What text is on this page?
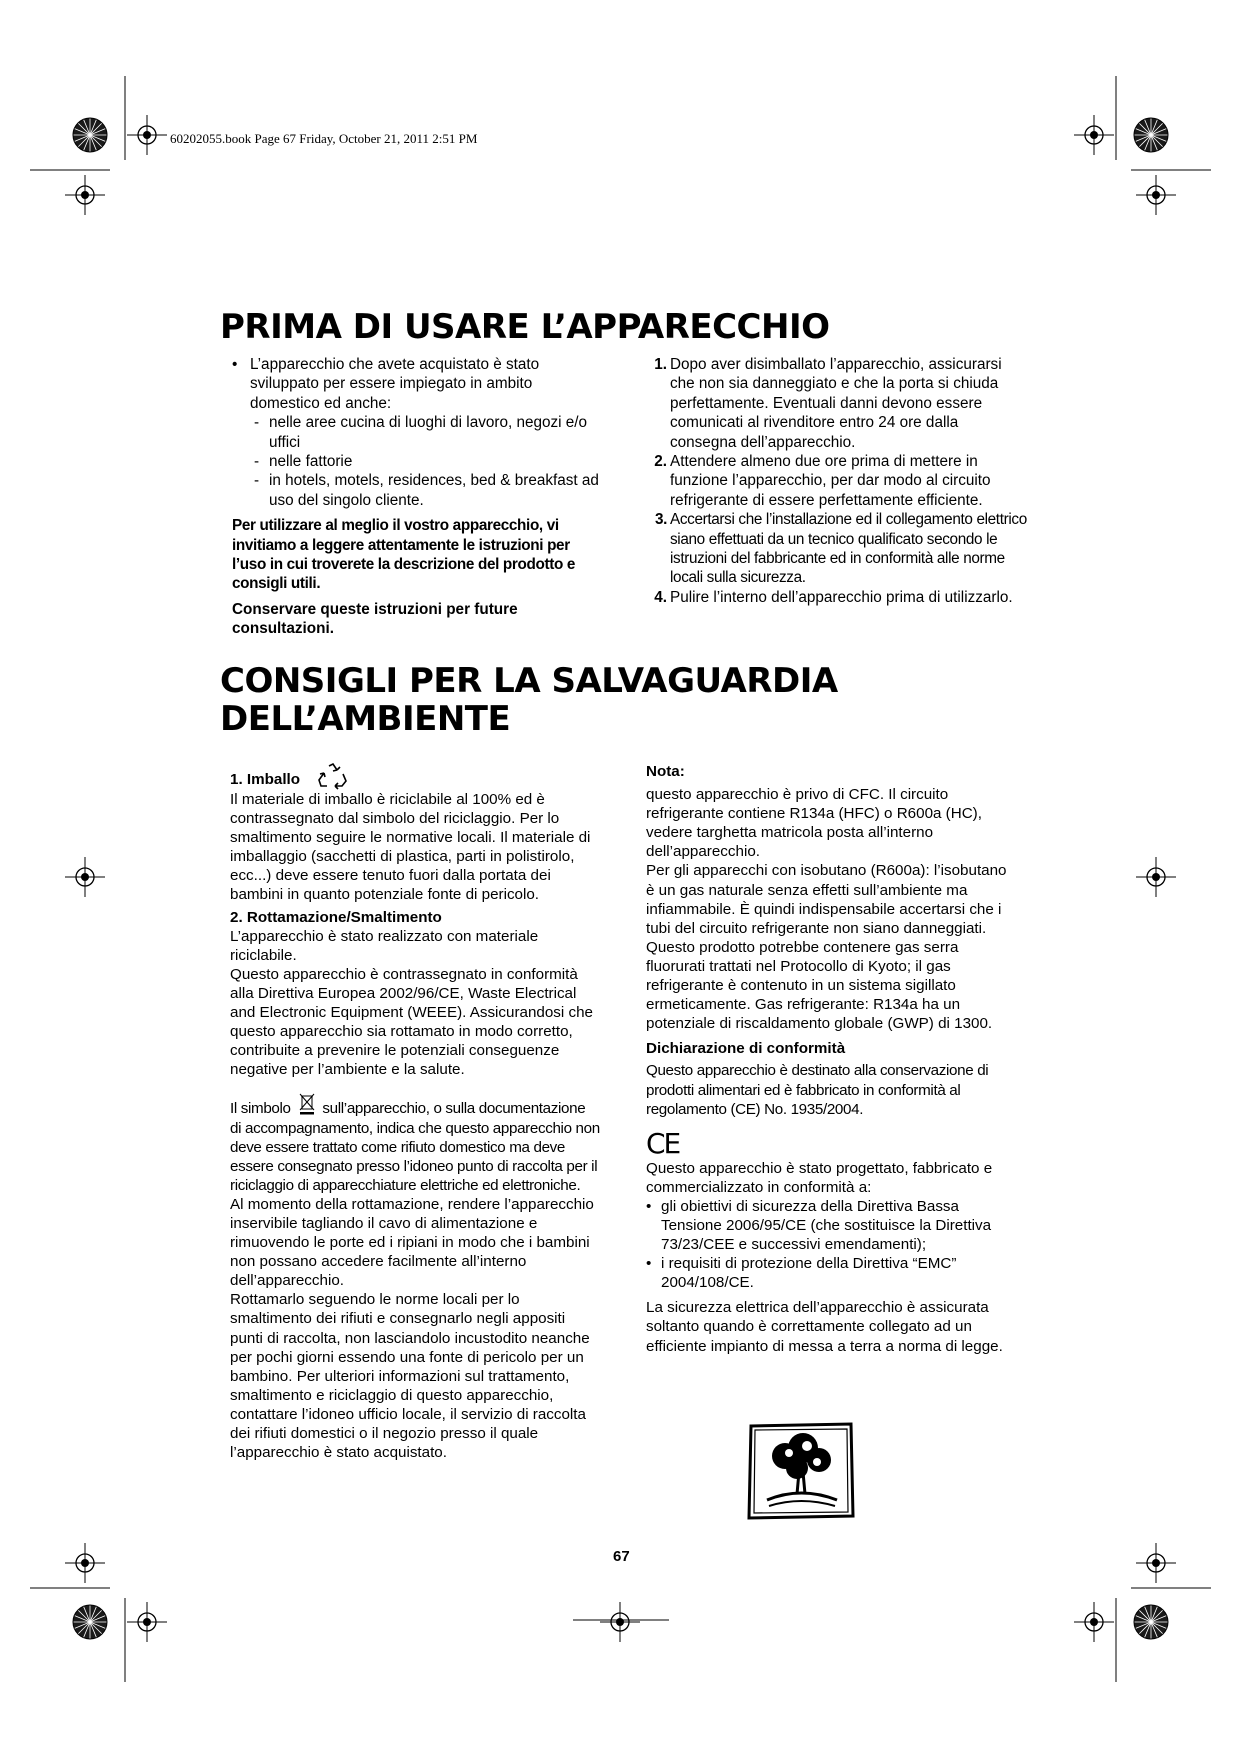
60202055.book Page 67 Friday, October 21, 2011 2:51 PM
PRIMA DI USARE L’APPARECCHIO
• L’apparecchio che avete acquistato è stato sviluppato per essere impiegato in ambito domestico ed anche:
- nelle aree cucina di luoghi di lavoro, negozi e/o uffici
- nelle fattorie
- in hotels, motels, residences, bed & breakfast ad uso del singolo cliente.

Per utilizzare al meglio il vostro apparecchio, vi invitiamo a leggere attentamente le istruzioni per l’uso in cui troverete la descrizione del prodotto e consigli utili.

Conservare queste istruzioni per future consultazioni.

1. Dopo aver disimballato l’apparecchio, assicurarsi che non sia danneggiato e che la porta si chiuda perfettamente. Eventuali danni devono essere comunicati al rivenditore entro 24 ore dalla consegna dell’apparecchio.
2. Attendere almeno due ore prima di mettere in funzione l’apparecchio, per dar modo al circuito refrigerante di essere perfettamente efficiente.
3. Accertarsi che l’installazione ed il collegamento elettrico siano effettuati da un tecnico qualificato secondo le istruzioni del fabbricante ed in conformità alle norme locali sulla sicurezza.
4. Pulire l’interno dell’apparecchio prima di utilizzarlo.
CONSIGLI PER LA SALVAGUARDIA
DELL’AMBIENTE

1. Imballo

Il materiale di imballo è riciclabile al 100% ed è contrassegnato dal simbolo del riciclaggio. Per lo smaltimento seguire le normative locali. Il materiale di imballaggio (sacchetti di plastica, parti in polistirolo, ecc...) deve essere tenuto fuori dalla portata dei bambini in quanto potenziale fonte di pericolo.

2. Rottamazione/Smaltimento

L’apparecchio è stato realizzato con materiale riciclabile.

Questo apparecchio è contrassegnato in conformità alla Direttiva Europea 2002/96/CE, Waste Electrical and Electronic Equipment (WEEE). Assicurandosi che questo apparecchio sia rottamato in modo corretto, contribuite a prevenire le potenziali conseguenze negative per l’ambiente e la salute.

Il simbolo sull’apparecchio, o sulla documentazione di accompagnamento, indica che questo apparecchio non deve essere trattato come rifiuto domestico ma deve essere consegnato presso l’idoneo punto di raccolta per il riciclaggio di apparecchiature elettriche ed elettroniche.

Al momento della rottamazione, rendere l’apparecchio inservibile tagliando il cavo di alimentazione e rimuovendo le porte ed i ripiani in modo che i bambini non possano accedere facilmente all’interno dell’apparecchio.

Rottamarlo seguendo le norme locali per lo smaltimento dei rifiuti e consegnarlo negli appositi punti di raccolta, non lasciandolo incustodito neanche per pochi giorni essendo una fonte di pericolo per un bambino. Per ulteriori informazioni sul trattamento, smaltimento e riciclaggio di questo apparecchio, contattare l’idoneo ufficio locale, il servizio di raccolta dei rifiuti domestici o il negozio presso il quale l’apparecchio è stato acquistato.

Nota:

questo apparecchio è privo di CFC. Il circuito refrigerante contiene R134a (HFC) o R600a (HC), vedere targhetta matricola posta all’interno dell’apparecchio.

Per gli apparecchi con isobutano (R600a): l’isobutano è un gas naturale senza effetti sull’ambiente ma infiammabile. È quindi indispensabile accertarsi che i tubi del circuito refrigerante non siano danneggiati.

Questo prodotto potrebbe contenere gas serra fluorurati trattati nel Protocollo di Kyoto; il gas refrigerante è contenuto in un sistema sigillato ermeticamente. Gas refrigerante: R134a ha un potenziale di riscaldamento globale (GWP) di 1300.

Dichiarazione di conformità

Questo apparecchio è destinato alla conservazione di prodotti alimentari ed è fabbricato in conformità al regolamento (CE) No. 1935/2004.

CE

Questo apparecchio è stato progettato, fabbricato e commercializzato in conformità a:

• gli obiettivi di sicurezza della Direttiva Bassa Tensione 2006/95/CE (che sostituisce la Direttiva 73/23/CEE e successivi emendamenti);
• i requisiti di protezione della Direttiva “EMC” 2004/108/CE.

La sicurezza elettrica dell’apparecchio è assicurata soltanto quando è correttamente collegato ad un efficiente impianto di messa a terra a norma di legge.

67
